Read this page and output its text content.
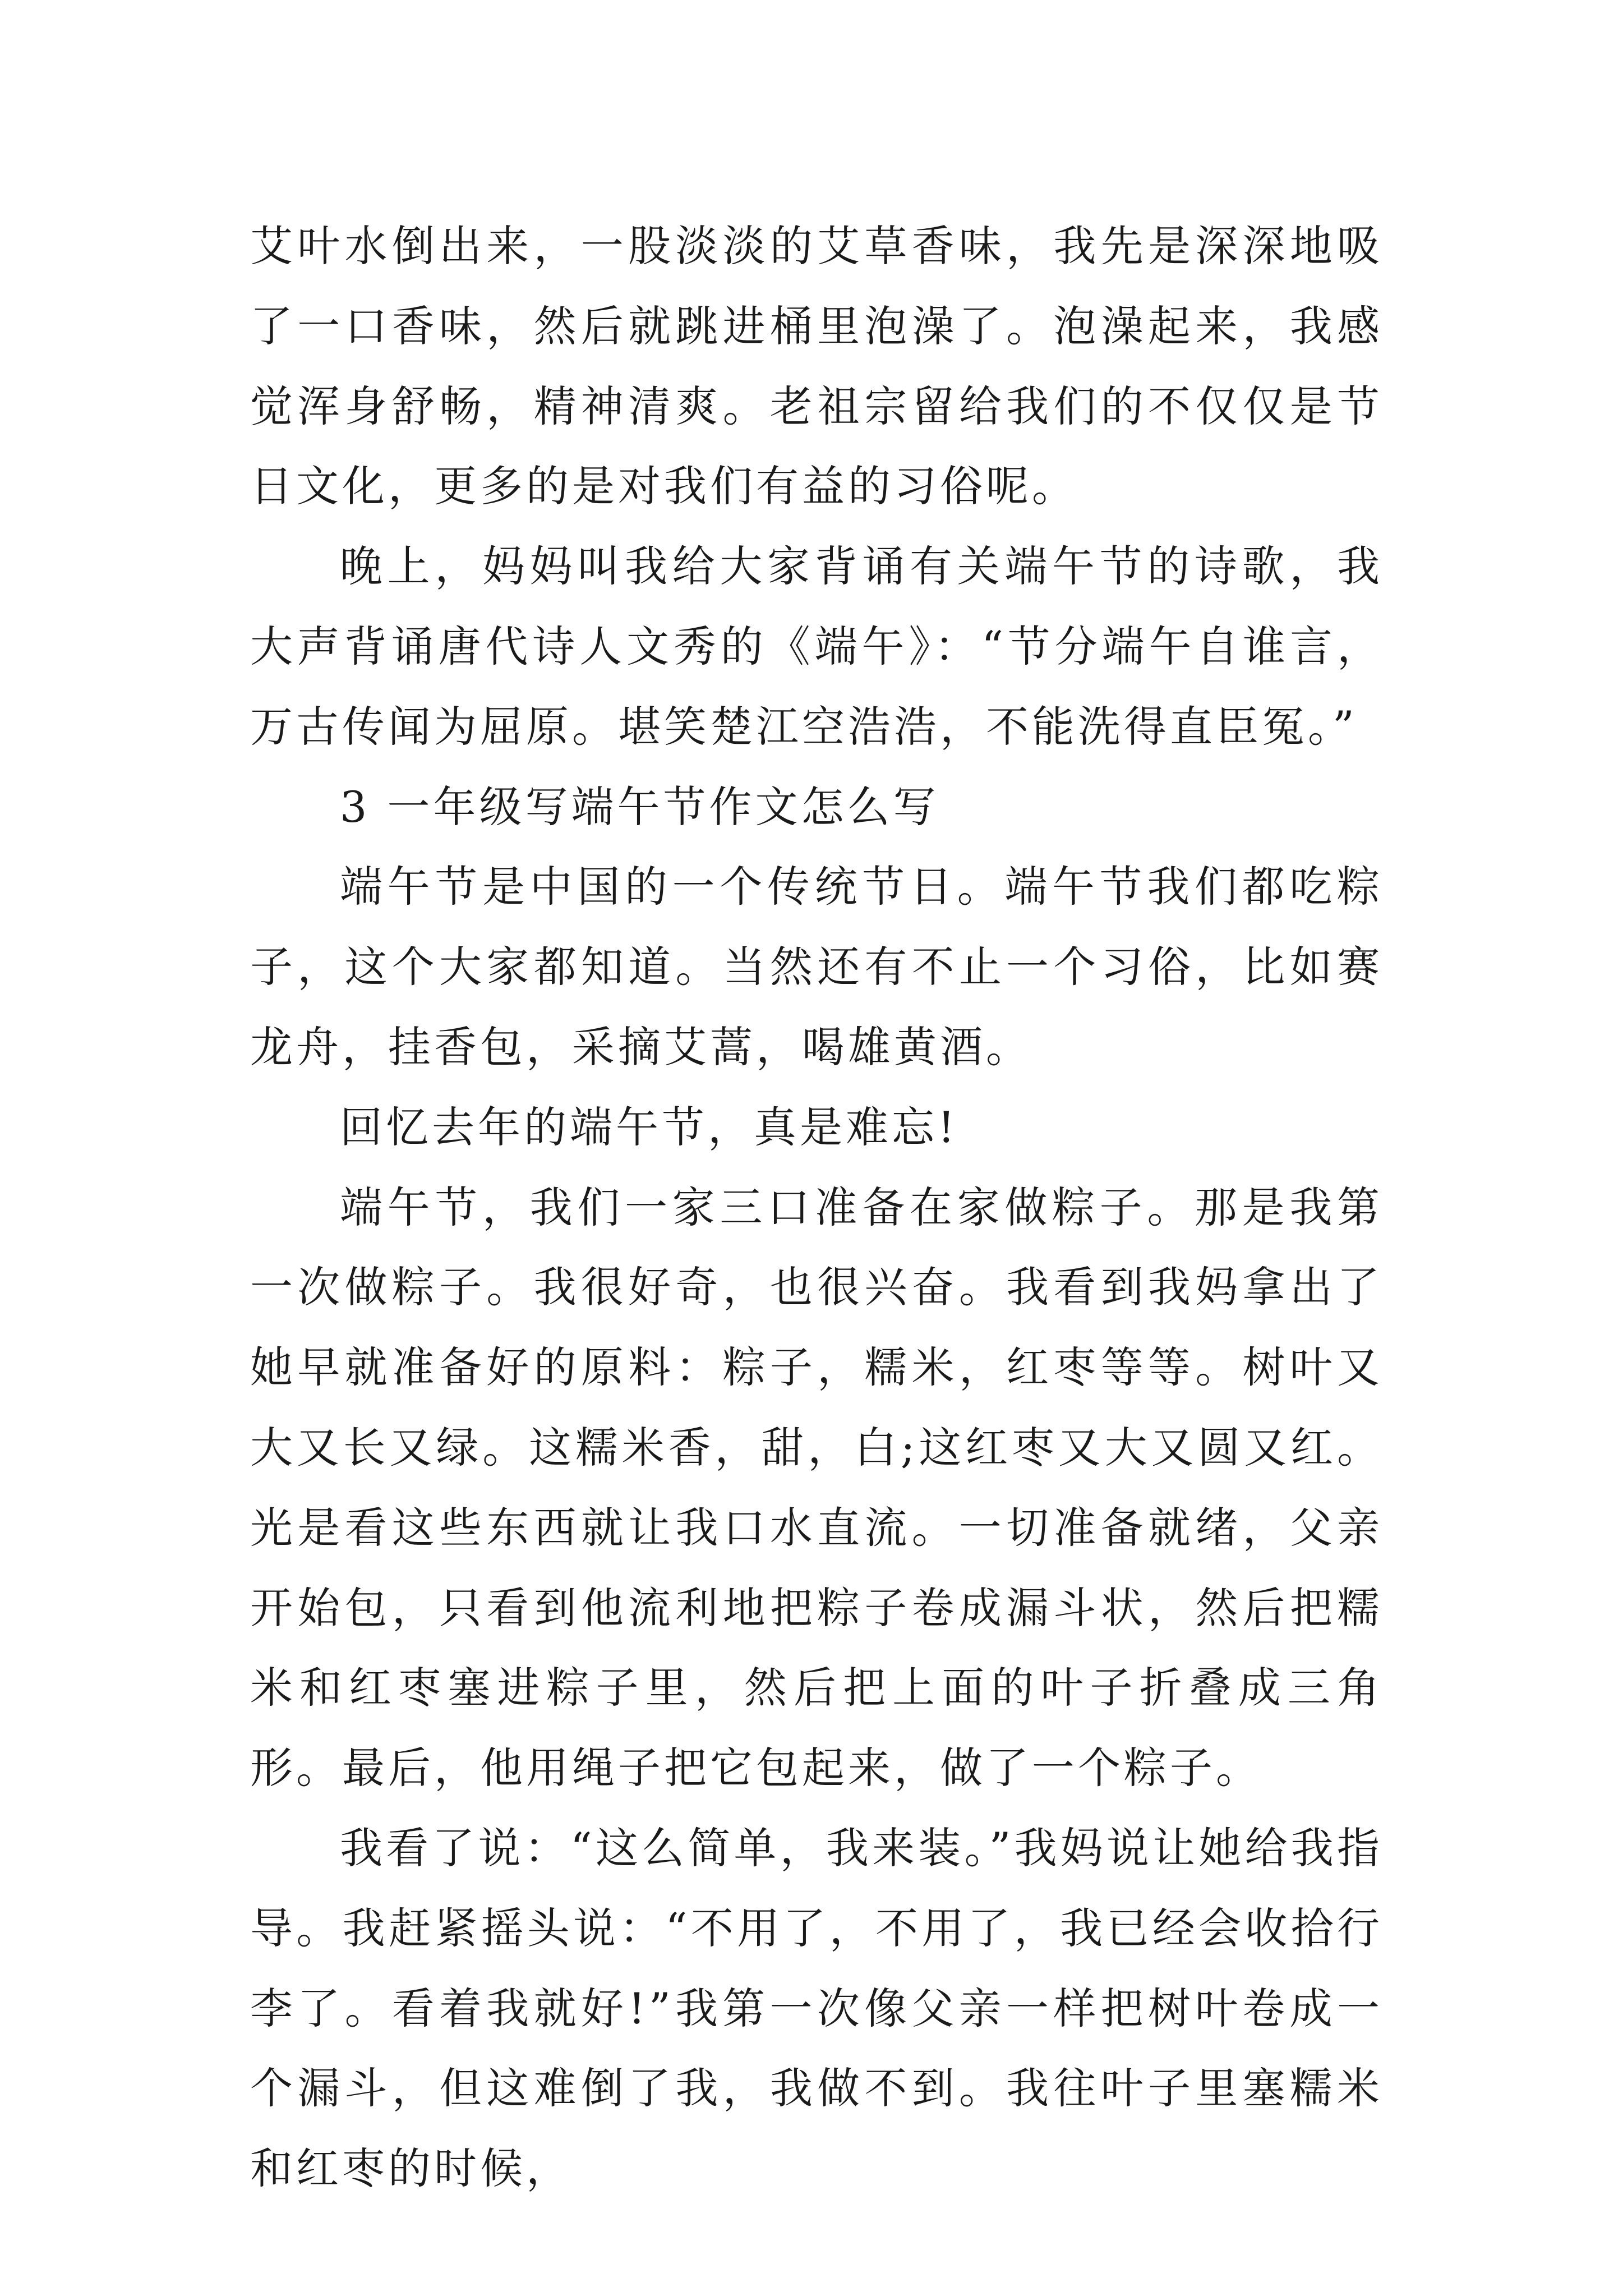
艾叶水倒出来，一股淡淡的艾草香味，我先是深深地吸了一口香味，然后就跳进桶里泡澡了。泡澡起来，我感觉浑身舒畅，精神清爽。老祖宗留给我们的不仅仅是节日文化，更多的是对我们有益的习俗呢。

晚上，妈妈叫我给大家背诵有关端午节的诗歌，我大声背诵唐代诗人文秀的《端午》：“节分端午自谁言，万古传闻为屈原。堪笑楚江空浩浩，不能洗得直臣冤。”

3 一年级写端午节作文怎么写

端午节是中国的一个传统节日。端午节我们都吃粽子，这个大家都知道。当然还有不止一个习俗，比如赛龙舟，挂香包，采摘艾蒿，喝雄黄酒。

回忆去年的端午节，真是难忘!

端午节，我们一家三口准备在家做粽子。那是我第一次做粽子。我很好奇，也很兴奋。我看到我妈拿出了她早就准备好的原料：粽子，糯米，红枣等等。树叶又大又长又绿。这糯米香，甜，白;这红枣又大又圆又红。光是看这些东西就让我口水直流。一切准备就绪，父亲开始包，只看到他流利地把粽子卷成漏斗状，然后把糯米和红枣塞进粽子里，然后把上面的叶子折叠成三角形。最后，他用绳子把它包起来，做了一个粽子。

我看了说：“这么简单，我来装。”我妈说让她给我指导。我赶紧摇头说：“不用了，不用了，我已经会收拾行李了。看着我就好!”我第一次像父亲一样把树叶卷成一个漏斗，但这难倒了我，我做不到。我往叶子里塞糯米和红枣的时候，
